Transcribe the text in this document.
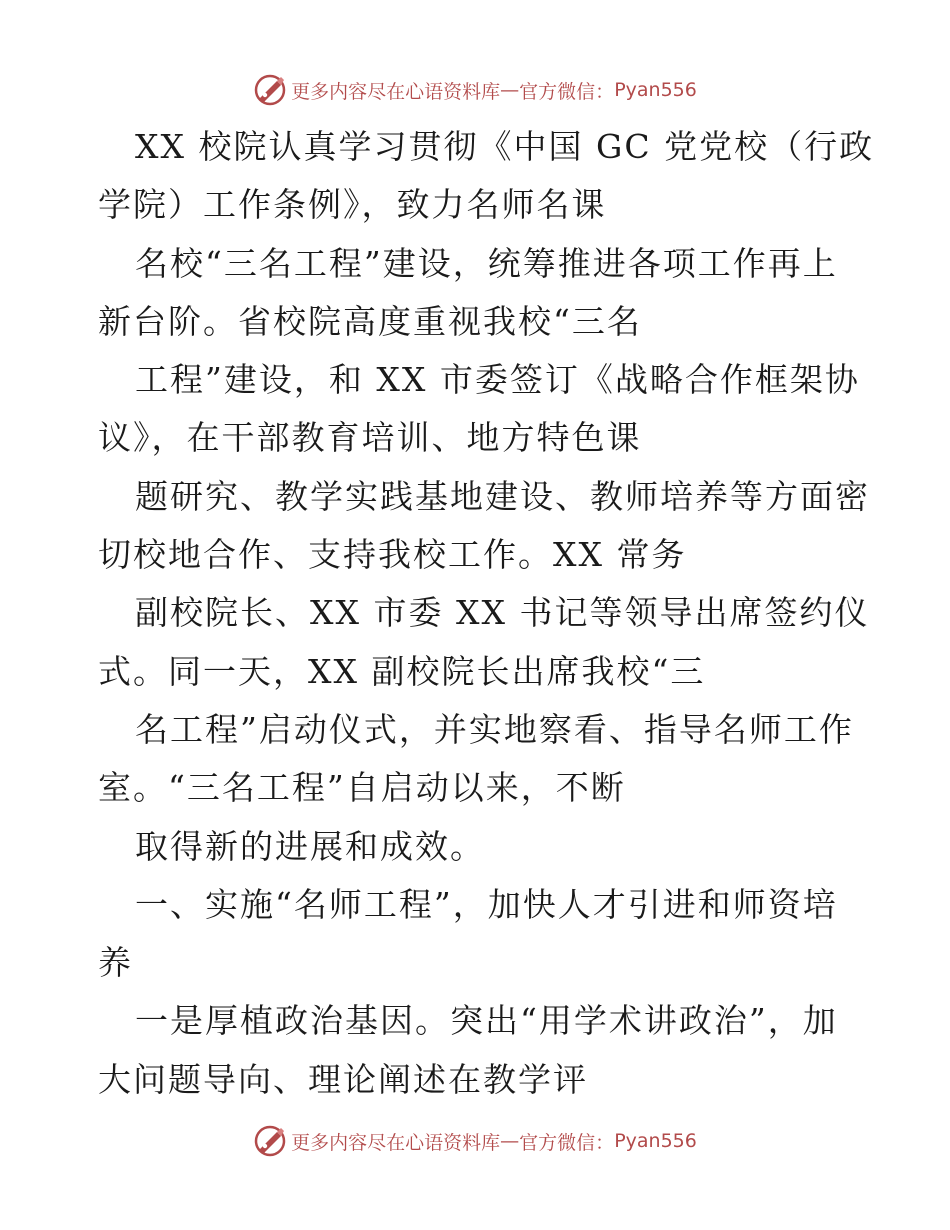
更多内容尽在心语资料库 — 官方微信： Pyan556
XX 校院认真学习贯彻《中国 GC 党党校（行政
学院）工作条例》，致力名师名课
名校“三名工程”建设，统筹推进各项工作再上
新台阶。省校院高度重视我校“三名
工程”建设，和 XX 市委签订《战略合作框架协
议》，在干部教育培训、地方特色课
题研究、教学实践基地建设、教师培养等方面密
切校地合作、支持我校工作。XX 常务
副校院长、XX 市委 XX 书记等领导出席签约仪
式。同一天，XX 副校院长出席我校“三
名工程”启动仪式，并实地察看、指导名师工作
室。“三名工程”自启动以来，不断
取得新的进展和成效。
一、实施“名师工程”，加快人才引进和师资培
养
一是厚植政治基因。突出“用学术讲政治”，加
大问题导向、理论阐述在教学评
更多内容尽在心语资料库 — 官方微信： Pyan556
